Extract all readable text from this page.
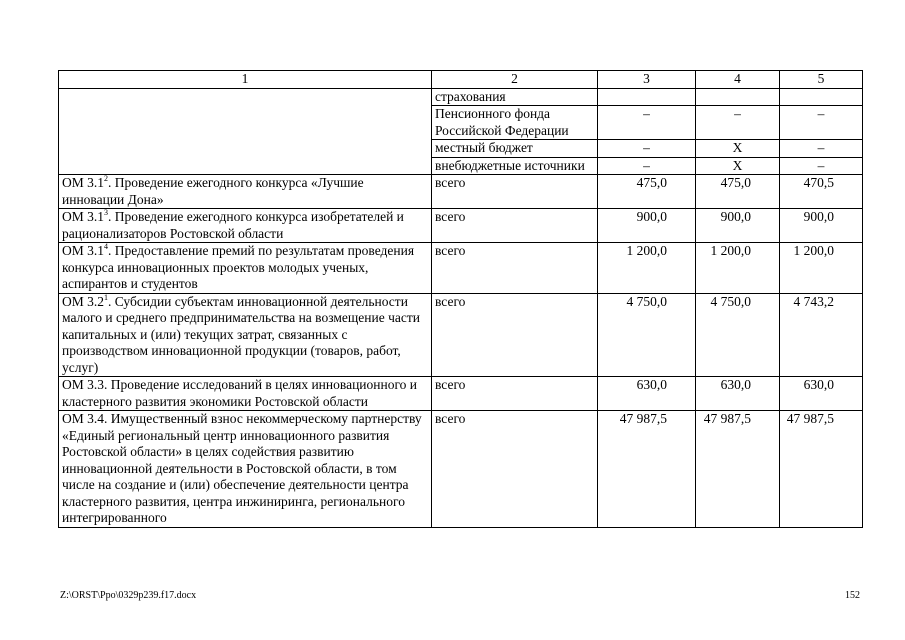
1	2	3	4	5
	страхования			
	Пенсионного фонда Российской Федерации	–	–	–
	местный бюджет	–	Х	–
	внебюджетные источники	–	Х	–
ОМ $3.1^2$. Проведение ежегодного конкурса «Лучшие инновации Дона»	всего	475,0	475,0	470,5
ОМ $3.1^3$. Проведение ежегодного конкурса изобретателей и рационализаторов Ростовской области	всего	900,0	900,0	900,0
ОМ $3.1^4$. Предоставление премий по результатам проведения конкурса инновационных проектов молодых ученых, аспирантов и студентов	всего	1 200,0	1 200,0	1 200,0
ОМ $3.2^1$. Субсидии субъектам инновационной деятельности малого и среднего предпринимательства на возмещение части капитальных и (или) текущих затрат, связанных с производством инновационной продукции (товаров, работ, услуг)	всего	4 750,0	4 750,0	4 743,2
ОМ 3.3. Проведение исследований в целях инновационного и кластерного развития экономики Ростовской области	всего	630,0	630,0	630,0
ОМ 3.4. Имущественный взнос некоммерческому партнерству «Единый региональный центр инновационного развития Ростовской области» в целях содействия развитию инновационной деятельности в Ростовской области, в том числе на создание и (или) обеспечение деятельности центра кластерного развития, центра инжиниринга, регионального интегрированного	всего	47 987,5	47 987,5	47 987,5
Z:\ORST\Ppo\0329p239.f17.docx	152
